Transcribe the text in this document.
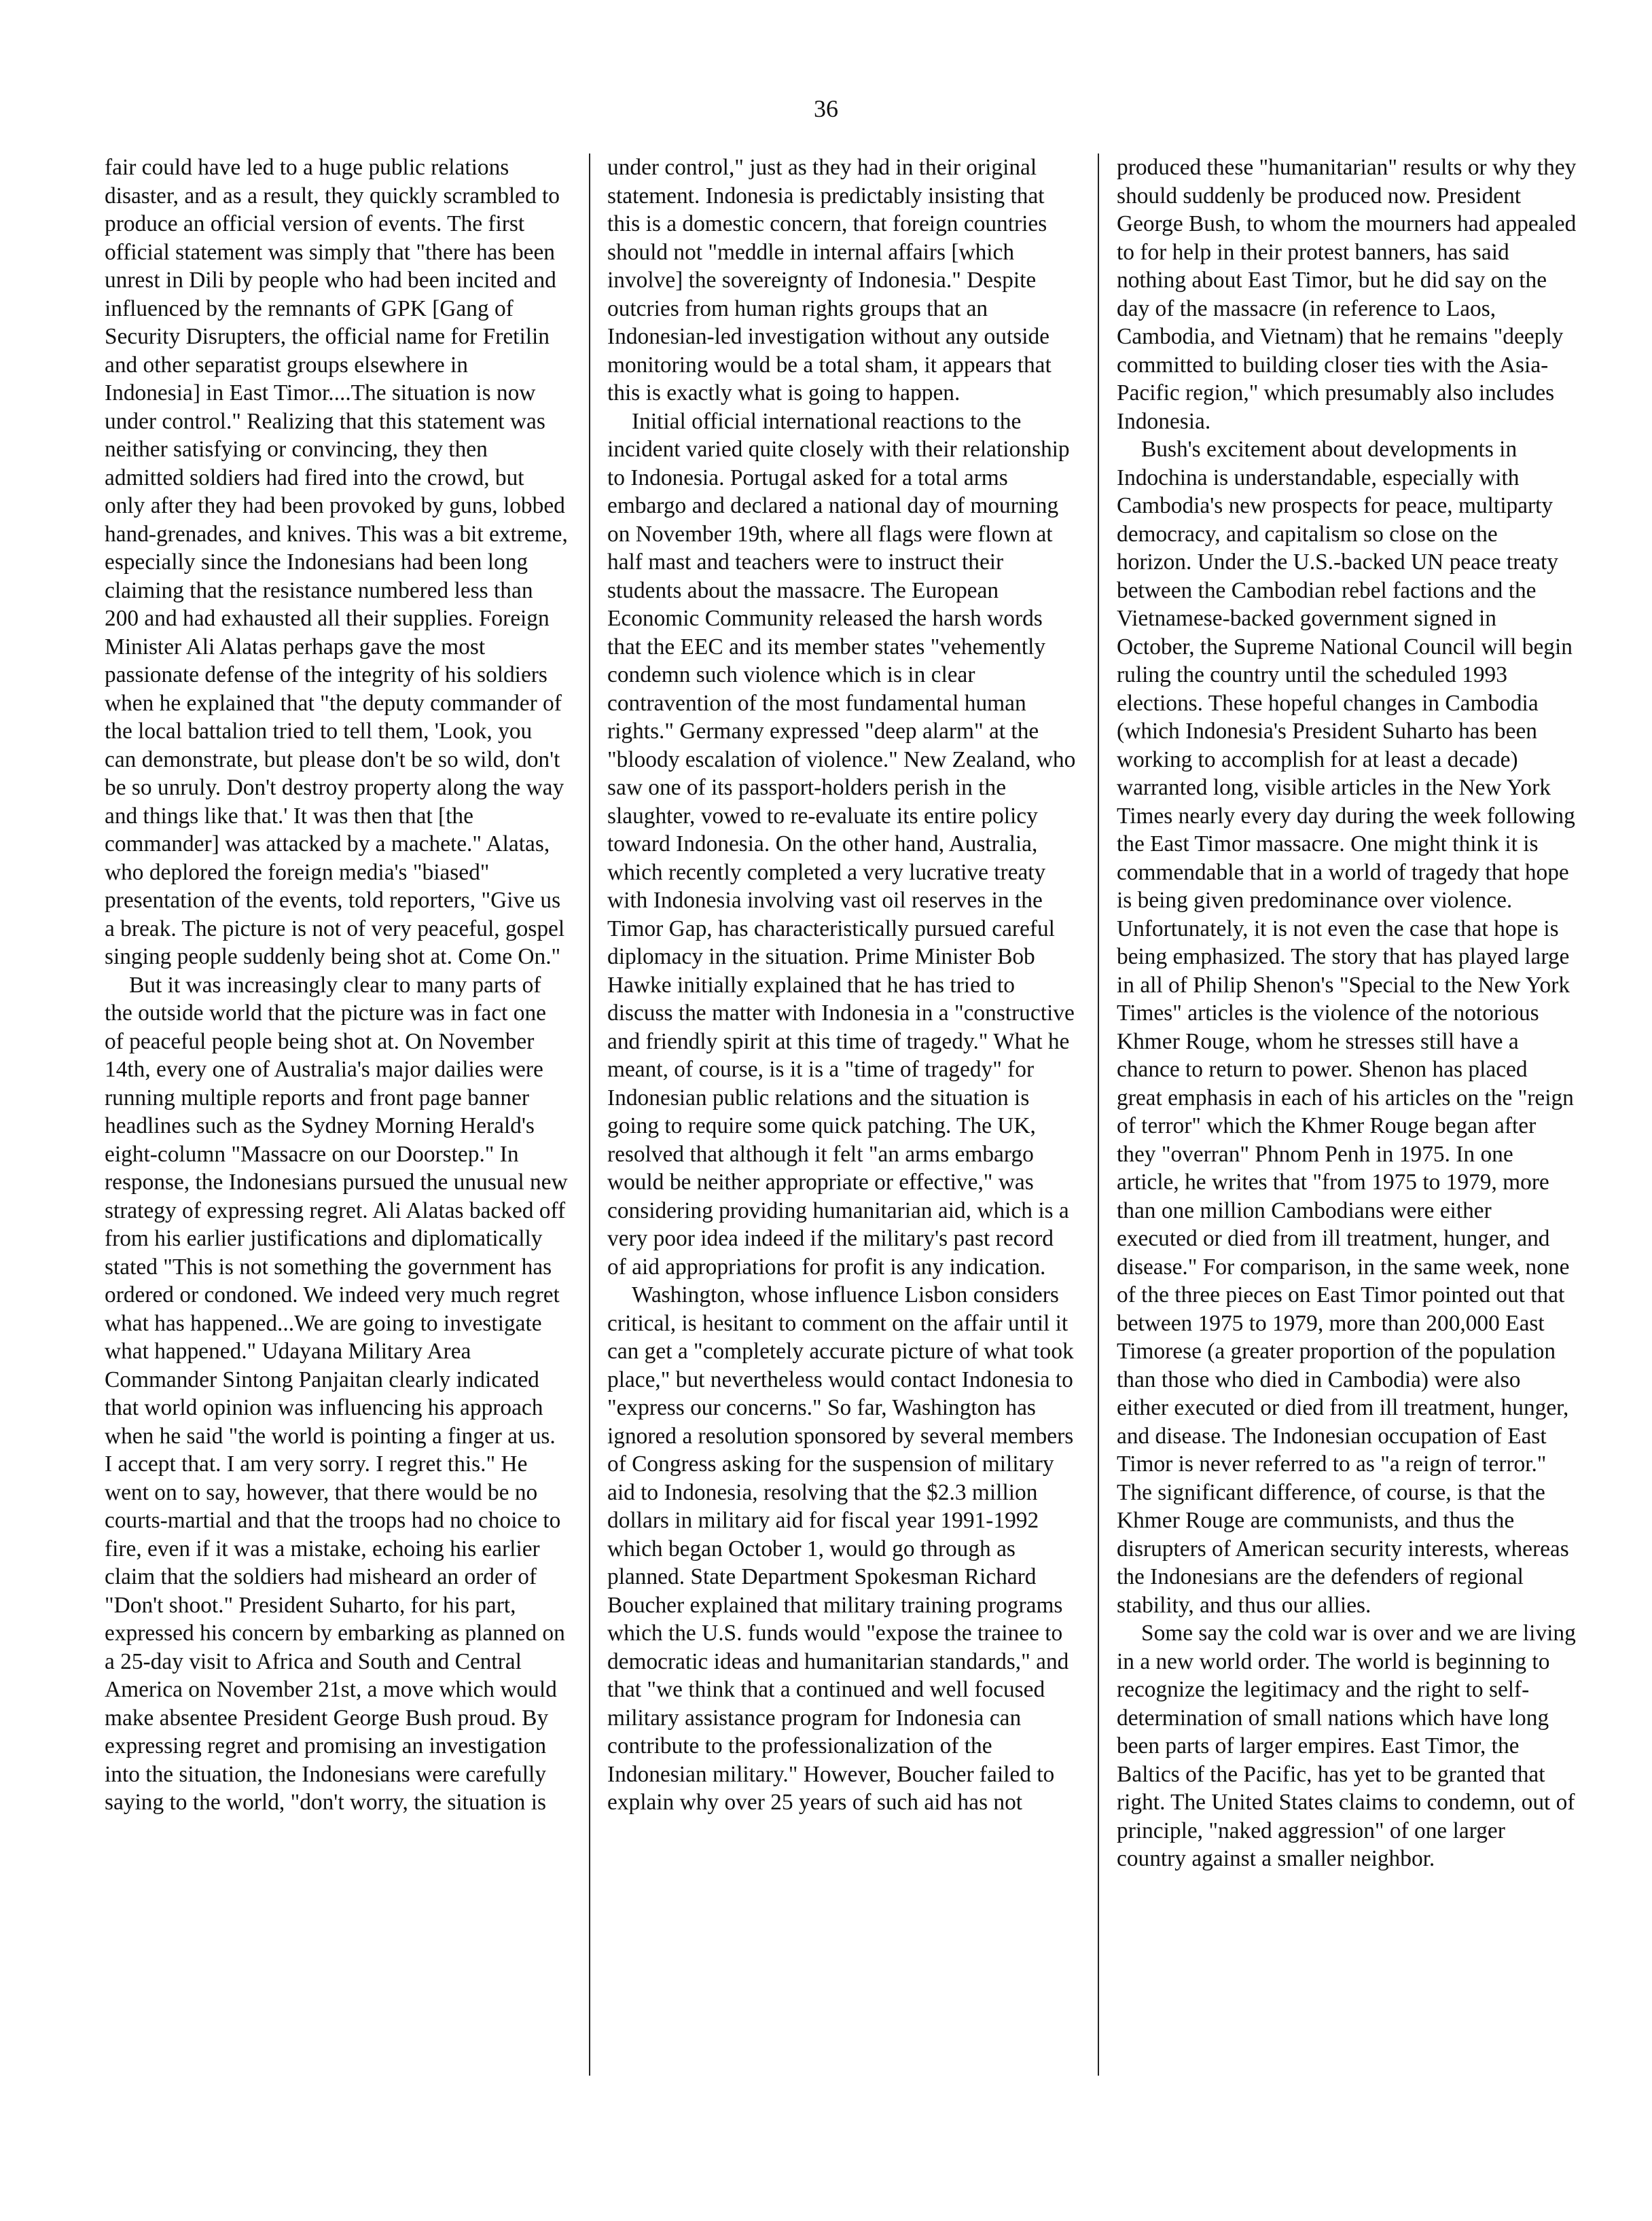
36

fair could have led to a huge public relations disaster, and as a result, they quickly scrambled to produce an official version of events. The first official statement was simply that "there has been unrest in Dili by people who had been incited and influenced by the remnants of GPK [Gang of Security Disrupters, the official name for Fretilin and other separatist groups elsewhere in Indonesia] in East Timor....The situation is now under control." Realizing that this statement was neither satisfying or convincing, they then admitted soldiers had fired into the crowd, but only after they had been provoked by guns, lobbed hand-grenades, and knives. This was a bit extreme, especially since the Indonesians had been long claiming that the resistance numbered less than 200 and had exhausted all their supplies. Foreign Minister Ali Alatas perhaps gave the most passionate defense of the integrity of his soldiers when he explained that "the deputy commander of the local battalion tried to tell them, 'Look, you can demonstrate, but please don't be so wild, don't be so unruly. Don't destroy property along the way and things like that.' It was then that [the commander] was attacked by a machete." Alatas, who deplored the foreign media's "biased" presentation of the events, told reporters, "Give us a break. The picture is not of very peaceful, gospel singing people suddenly being shot at. Come On."

But it was increasingly clear to many parts of the outside world that the picture was in fact one of peaceful people being shot at. On November 14th, every one of Australia's major dailies were running multiple reports and front page banner headlines such as the Sydney Morning Herald's eight-column "Massacre on our Doorstep." In response, the Indonesians pursued the unusual new strategy of expressing regret. Ali Alatas backed off from his earlier justifications and diplomatically stated "This is not something the government has ordered or condoned. We indeed very much regret what has happened...We are going to investigate what happened." Udayana Military Area Commander Sintong Panjaitan clearly indicated that world opinion was influencing his approach when he said "the world is pointing a finger at us. I accept that. I am very sorry. I regret this." He went on to say, however, that there would be no courts-martial and that the troops had no choice to fire, even if it was a mistake, echoing his earlier claim that the soldiers had misheard an order of "Don't shoot." President Suharto, for his part, expressed his concern by embarking as planned on a 25-day visit to Africa and South and Central America on November 21st, a move which would make absentee President George Bush proud. By expressing regret and promising an investigation into the situation, the Indonesians were carefully saying to the world, "don't worry, the situation is

under control," just as they had in their original statement. Indonesia is predictably insisting that this is a domestic concern, that foreign countries should not "meddle in internal affairs [which involve] the sovereignty of Indonesia." Despite outcries from human rights groups that an Indonesian-led investigation without any outside monitoring would be a total sham, it appears that this is exactly what is going to happen.

Initial official international reactions to the incident varied quite closely with their relationship to Indonesia. Portugal asked for a total arms embargo and declared a national day of mourning on November 19th, where all flags were flown at half mast and teachers were to instruct their students about the massacre. The European Economic Community released the harsh words that the EEC and its member states "vehemently condemn such violence which is in clear contravention of the most fundamental human rights." Germany expressed "deep alarm" at the "bloody escalation of violence." New Zealand, who saw one of its passport-holders perish in the slaughter, vowed to re-evaluate its entire policy toward Indonesia. On the other hand, Australia, which recently completed a very lucrative treaty with Indonesia involving vast oil reserves in the Timor Gap, has characteristically pursued careful diplomacy in the situation. Prime Minister Bob Hawke initially explained that he has tried to discuss the matter with Indonesia in a "constructive and friendly spirit at this time of tragedy." What he meant, of course, is it is a "time of tragedy" for Indonesian public relations and the situation is going to require some quick patching. The UK, resolved that although it felt "an arms embargo would be neither appropriate or effective," was considering providing humanitarian aid, which is a very poor idea indeed if the military's past record of aid appropriations for profit is any indication.

Washington, whose influence Lisbon considers critical, is hesitant to comment on the affair until it can get a "completely accurate picture of what took place," but nevertheless would contact Indonesia to "express our concerns." So far, Washington has ignored a resolution sponsored by several members of Congress asking for the suspension of military aid to Indonesia, resolving that the $2.3 million dollars in military aid for fiscal year 1991-1992 which began October 1, would go through as planned. State Department Spokesman Richard Boucher explained that military training programs which the U.S. funds would "expose the trainee to democratic ideas and humanitarian standards," and that "we think that a continued and well focused military assistance program for Indonesia can contribute to the professionalization of the Indonesian military." However, Boucher failed to explain why over 25 years of such aid has not

produced these "humanitarian" results or why they should suddenly be produced now. President George Bush, to whom the mourners had appealed to for help in their protest banners, has said nothing about East Timor, but he did say on the day of the massacre (in reference to Laos, Cambodia, and Vietnam) that he remains "deeply committed to building closer ties with the Asia-Pacific region," which presumably also includes Indonesia.

Bush's excitement about developments in Indochina is understandable, especially with Cambodia's new prospects for peace, multiparty democracy, and capitalism so close on the horizon. Under the U.S.-backed UN peace treaty between the Cambodian rebel factions and the Vietnamese-backed government signed in October, the Supreme National Council will begin ruling the country until the scheduled 1993 elections. These hopeful changes in Cambodia (which Indonesia's President Suharto has been working to accomplish for at least a decade) warranted long, visible articles in the New York Times nearly every day during the week following the East Timor massacre. One might think it is commendable that in a world of tragedy that hope is being given predominance over violence. Unfortunately, it is not even the case that hope is being emphasized. The story that has played large in all of Philip Shenon's "Special to the New York Times" articles is the violence of the notorious Khmer Rouge, whom he stresses still have a chance to return to power. Shenon has placed great emphasis in each of his articles on the "reign of terror" which the Khmer Rouge began after they "overran" Phnom Penh in 1975. In one article, he writes that "from 1975 to 1979, more than one million Cambodians were either executed or died from ill treatment, hunger, and disease." For comparison, in the same week, none of the three pieces on East Timor pointed out that between 1975 to 1979, more than 200,000 East Timorese (a greater proportion of the population than those who died in Cambodia) were also either executed or died from ill treatment, hunger, and disease. The Indonesian occupation of East Timor is never referred to as "a reign of terror." The significant difference, of course, is that the Khmer Rouge are communists, and thus the disrupters of American security interests, whereas the Indonesians are the defenders of regional stability, and thus our allies.

Some say the cold war is over and we are living in a new world order. The world is beginning to recognize the legitimacy and the right to self-determination of small nations which have long been parts of larger empires. East Timor, the Baltics of the Pacific, has yet to be granted that right. The United States claims to condemn, out of principle, "naked aggression" of one larger country against a smaller neighbor.
